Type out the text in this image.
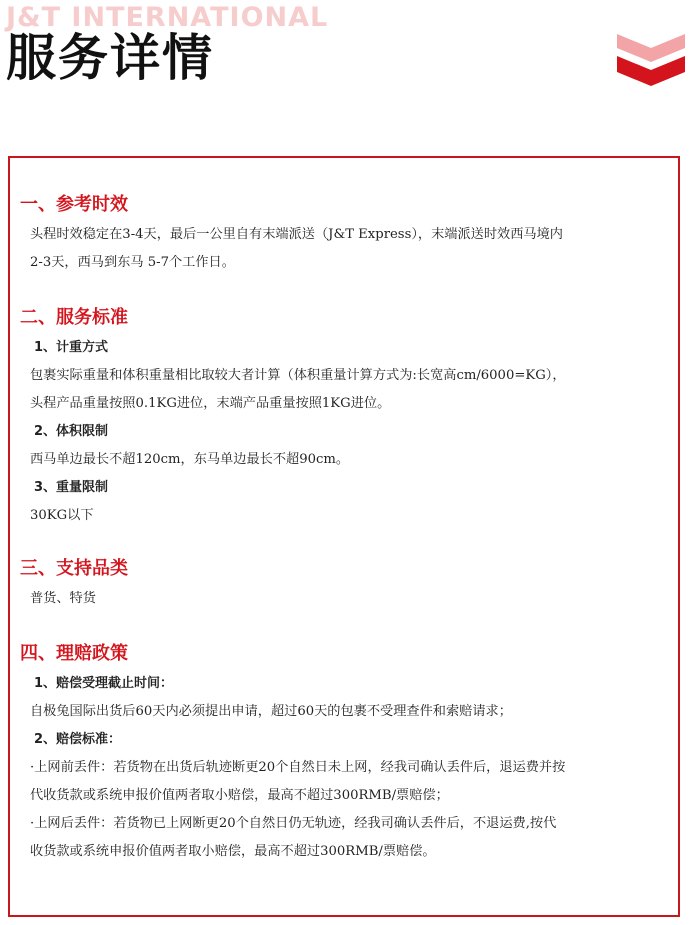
J&T INTERNATIONAL
服务详情
一、参考时效

头程时效稳定在3-4天，最后一公里自有末端派送（J&T Express），末端派送时效西马境内

2-3天，西马到东马 5-7个工作日。

二、服务标准
1、计重方式

包裹实际重量和体积重量相比取较大者计算（体积重量计算方式为:长宽高cm/6000=KG），

头程产品重量按照0.1KG进位，末端产品重量按照1KG进位。

2、体积限制

西马单边最长不超120cm，东马单边最长不超90cm。

3、重量限制

30KG以下

三、支持品类

普货、特货

四、理赔政策
1、赔偿受理截止时间：

自极兔国际出货后60天内必须提出申请，超过60天的包裹不受理查件和索赔请求；

2、赔偿标准：

·上网前丢件：若货物在出货后轨迹断更20个自然日未上网，经我司确认丢件后，退运费并按

代收货款或系统申报价值两者取小赔偿，最高不超过300RMB/票赔偿；

·上网后丢件：若货物已上网断更20个自然日仍无轨迹，经我司确认丢件后，不退运费,按代

收货款或系统申报价值两者取小赔偿，最高不超过300RMB/票赔偿。
